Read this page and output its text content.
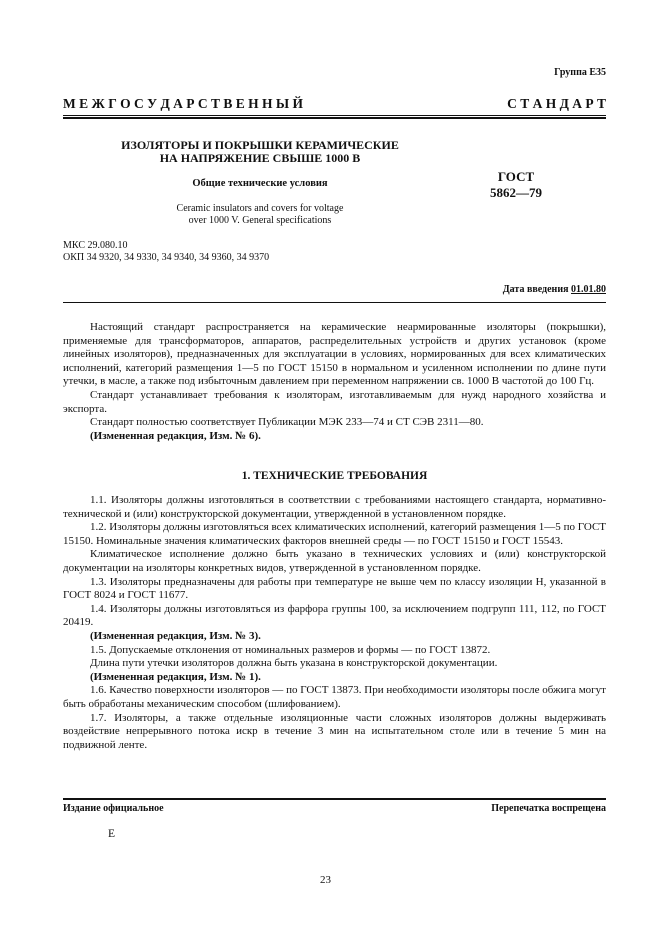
Группа Е35
М Е Ж Г О С У Д А Р С Т В Е Н Н Ы Й	С Т А Н Д А Р Т
ИЗОЛЯТОРЫ И ПОКРЫШКИ КЕРАМИЧЕСКИЕ
НА НАПРЯЖЕНИЕ СВЫШЕ 1000 В
Общие технические условия
Ceramic insulators and covers for voltage
over 1000 V. General specifications
ГОСТ
5862—79
МКС 29.080.10
ОКП 34 9320, 34 9330, 34 9340, 34 9360, 34 9370
Дата введения 01.01.80

Настоящий стандарт распространяется на керамические неармированные изоляторы (покрышки), применяемые для трансформаторов, аппаратов, распределительных устройств и других установок (кроме линейных изоляторов), предназначенных для эксплуатации в условиях, нормированных для всех климатических исполнений, категорий размещения 1—5 по ГОСТ 15150 в нормальном и усиленном исполнении по длине пути утечки, в масле, а также под избыточным давлением при переменном напряжении св. 1000 В частотой до 100 Гц.

Стандарт устанавливает требования к изоляторам, изготавливаемым для нужд народного хозяйства и экспорта.

Стандарт полностью соответствует Публикации МЭК 233—74 и СТ СЭВ 2311—80.

(Измененная редакция, Изм. № 6).

1. ТЕХНИЧЕСКИЕ ТРЕБОВАНИЯ

1.1. Изоляторы должны изготовляться в соответствии с требованиями настоящего стандарта, нормативно-технической и (или) конструкторской документации, утвержденной в установленном порядке.

1.2. Изоляторы должны изготовляться всех климатических исполнений, категорий размещения 1—5 по ГОСТ 15150. Номинальные значения климатических факторов внешней среды — по ГОСТ 15150 и ГОСТ 15543.

Климатическое исполнение должно быть указано в технических условиях и (или) конструкторской документации на изоляторы конкретных видов, утвержденной в установленном порядке.

1.3. Изоляторы предназначены для работы при температуре не выше чем по классу изоляции Н, указанной в ГОСТ 8024 и ГОСТ 11677.

1.4. Изоляторы должны изготовляться из фарфора группы 100, за исключением подгрупп 111, 112, по ГОСТ 20419.

(Измененная редакция, Изм. № 3).

1.5. Допускаемые отклонения от номинальных размеров и формы — по ГОСТ 13872.

Длина пути утечки изоляторов должна быть указана в конструкторской документации.

(Измененная редакция, Изм. № 1).

1.6. Качество поверхности изоляторов — по ГОСТ 13873. При необходимости изоляторы после обжига могут быть обработаны механическим способом (шлифованием).

1.7. Изоляторы, а также отдельные изоляционные части сложных изоляторов должны выдерживать воздействие непрерывного потока искр в течение 3 мин на испытательном столе или в течение 5 мин на подвижной ленте.

Издание официальное	Перепечатка воспрещена
Е
23
